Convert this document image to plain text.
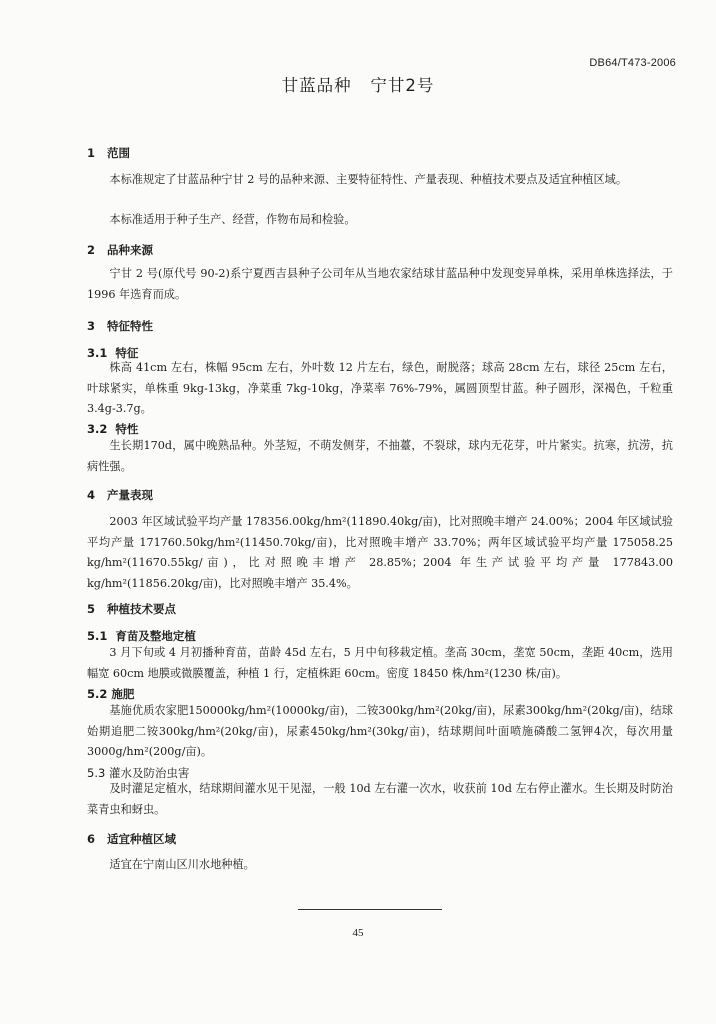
DB64/T473-2006
甘蓝品种   宁甘2号
1   范围

本标准规定了甘蓝品种宁甘 2 号的品种来源、主要特征特性、产量表现、种植技术要点及适宜种植区域。

本标准适用于种子生产、经营，作物布局和检验。

2   品种来源

宁甘 2 号(原代号 90-2)系宁夏西吉县种子公司年从当地农家结球甘蓝品种中发现变异单株，采用单株选择法，于 1996 年选育而成。

3   特征特性
3.1  特征

株高 41cm 左右，株幅 95cm 左右，外叶数 12 片左右，绿色，耐脱落；球高 28cm 左右，球径 25cm 左右，叶球紧实，单株重 9kg-13kg，净菜重 7kg-10kg，净菜率 76%-79%，属圆顶型甘蓝。种子圆形，深褐色，千粒重 3.4g-3.7g。

3.2  特性

生长期170d，属中晚熟品种。外茎短，不萌发侧芽，不抽薹，不裂球，球内无花芽，叶片紧实。抗寒，抗涝，抗病性强。

4   产量表现

2003 年区域试验平均产量 178356.00kg/hm²(11890.40kg/亩)，比对照晚丰增产 24.00%；2004 年区域试验平均产量 171760.50kg/hm²(11450.70kg/亩)，比对照晚丰增产 33.70%；两年区域试验平均产量 175058.25 kg/hm²(11670.55kg/亩)，比对照晚丰增产 28.85%；2004 年生产试验平均产量 177843.00 kg/hm²(11856.20kg/亩)，比对照晚丰增产 35.4%。

5   种植技术要点
5.1  育苗及整地定植

3 月下旬或 4 月初播种育苗，苗龄 45d 左右，5 月中旬移栽定植。垄高 30cm，垄宽 50cm，垄距 40cm，选用幅宽 60cm 地膜或微膜覆盖，种植 1 行，定植株距 60cm。密度 18450 株/hm²(1230 株/亩)。

5.2 施肥

基施优质农家肥150000kg/hm²(10000kg/亩)，二铵300kg/hm²(20kg/亩)，尿素300kg/hm²(20kg/亩)，结球始期追肥二铵300kg/hm²(20kg/亩)，尿素450kg/hm²(30kg/亩)，结球期间叶面喷施磷酸二氢钾4次，每次用量3000g/hm²(200g/亩)。

5.3 灌水及防治虫害

及时灌足定植水，结球期间灌水见干见湿，一般 10d 左右灌一次水，收获前 10d 左右停止灌水。生长期及时防治菜青虫和蚜虫。

6   适宜种植区域

适宜在宁南山区川水地种植。

45
